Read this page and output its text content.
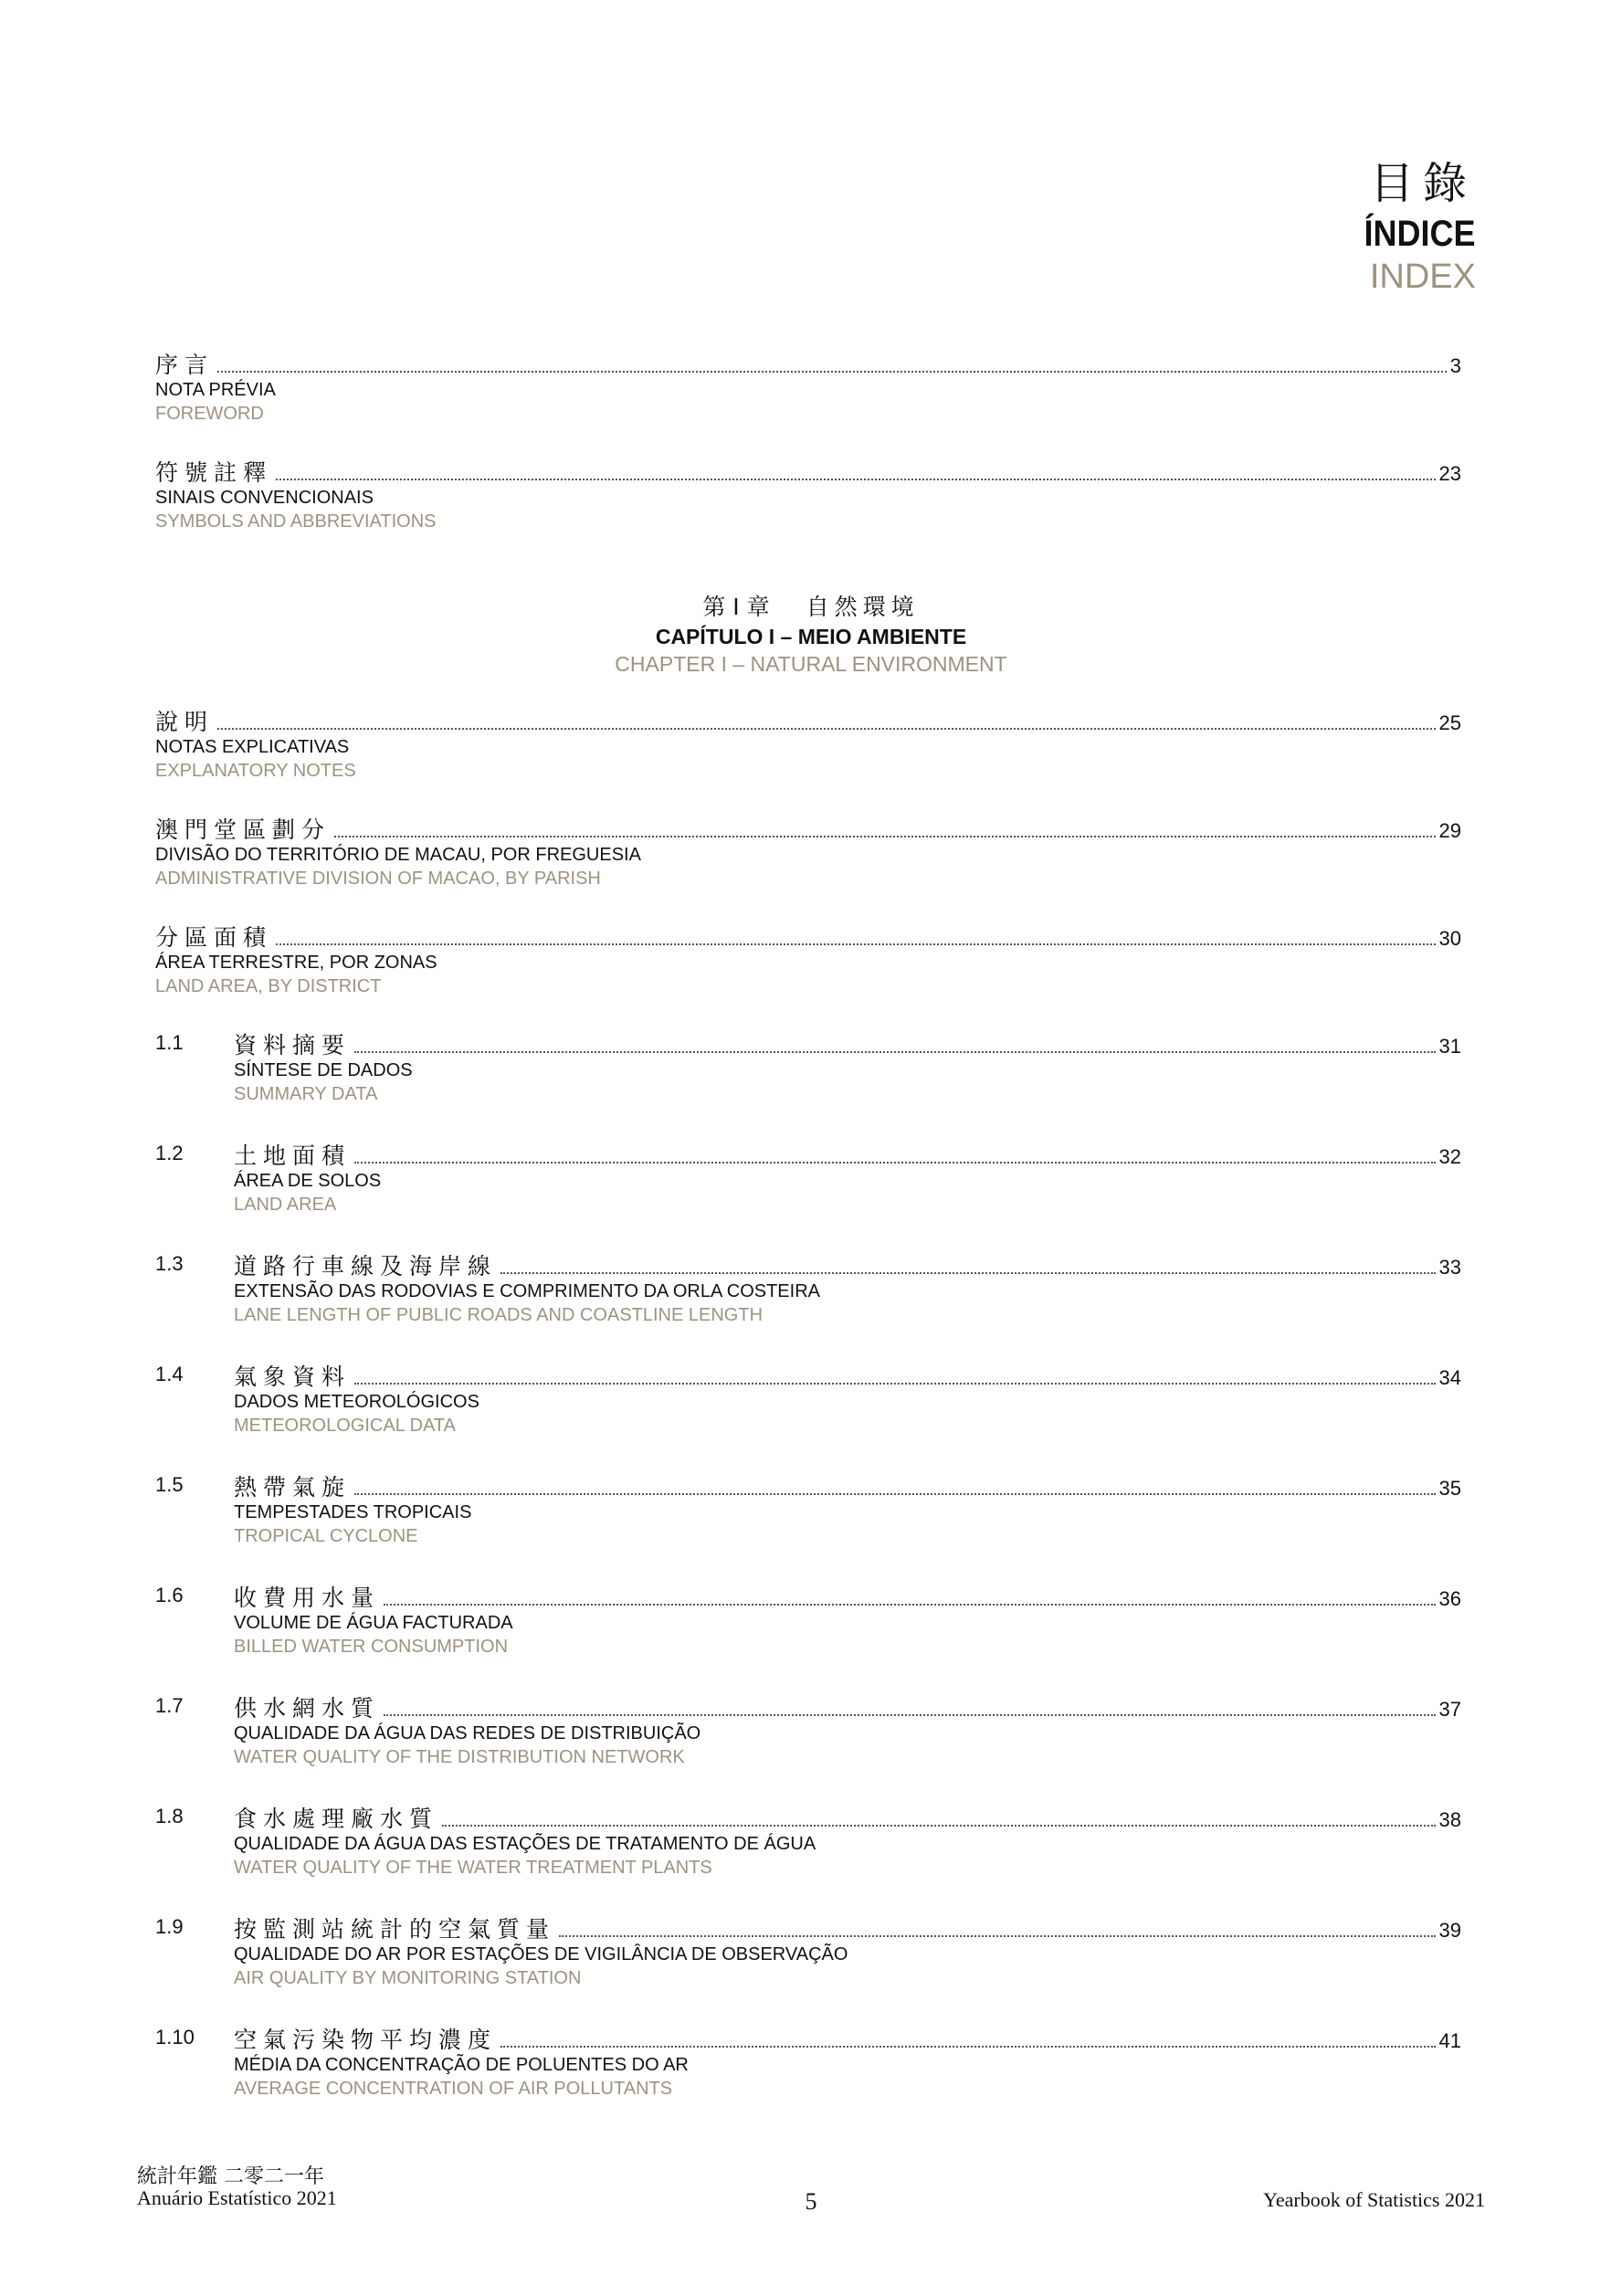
目錄
ÍNDICE
INDEX
序言	3
NOTA PRÉVIA
FOREWORD
符號註釋	23
SINAIS CONVENCIONAIS
SYMBOLS AND ABBREVIATIONS
第 I 章 自然環境
CAPÍTULO I – MEIO AMBIENTE
CHAPTER I – NATURAL ENVIRONMENT
說明	25
NOTAS EXPLICATIVAS
EXPLANATORY NOTES
澳門堂區劃分	29
DIVISÃO DO TERRITÓRIO DE MACAU, POR FREGUESIA
ADMINISTRATIVE DIVISION OF MACAO, BY PARISH
分區面積	30
ÁREA TERRESTRE, POR ZONAS
LAND AREA, BY DISTRICT
1.1 資料摘要	31
SÍNTESE DE DADOS
SUMMARY DATA
1.2 土地面積	32
ÁREA DE SOLOS
LAND AREA
1.3 道路行車線及海岸線	33
EXTENSÃO DAS RODOVIAS E COMPRIMENTO DA ORLA COSTEIRA
LANE LENGTH OF PUBLIC ROADS AND COASTLINE LENGTH
1.4 氣象資料	34
DADOS METEOROLÓGICOS
METEOROLOGICAL DATA
1.5 熱帶氣旋	35
TEMPESTADES TROPICAIS
TROPICAL CYCLONE
1.6 收費用水量	36
VOLUME DE ÁGUA FACTURADA
BILLED WATER CONSUMPTION
1.7 供水網水質	37
QUALIDADE DA ÁGUA DAS REDES DE DISTRIBUIÇÃO
WATER QUALITY OF THE DISTRIBUTION NETWORK
1.8 食水處理廠水質	38
QUALIDADE DA ÁGUA DAS ESTAÇÕES DE TRATAMENTO DE ÁGUA
WATER QUALITY OF THE WATER TREATMENT PLANTS
1.9 按監測站統計的空氣質量	39
QUALIDADE DO AR POR ESTAÇÕES DE VIGILÂNCIA DE OBSERVAÇÃO
AIR QUALITY BY MONITORING STATION
1.10 空氣污染物平均濃度	41
MÉDIA DA CONCENTRAÇÃO DE POLUENTES DO AR
AVERAGE CONCENTRATION OF AIR POLLUTANTS
統計年鑑 二零二一年
Anuário Estatístico 2021	5	Yearbook of Statistics 2021
